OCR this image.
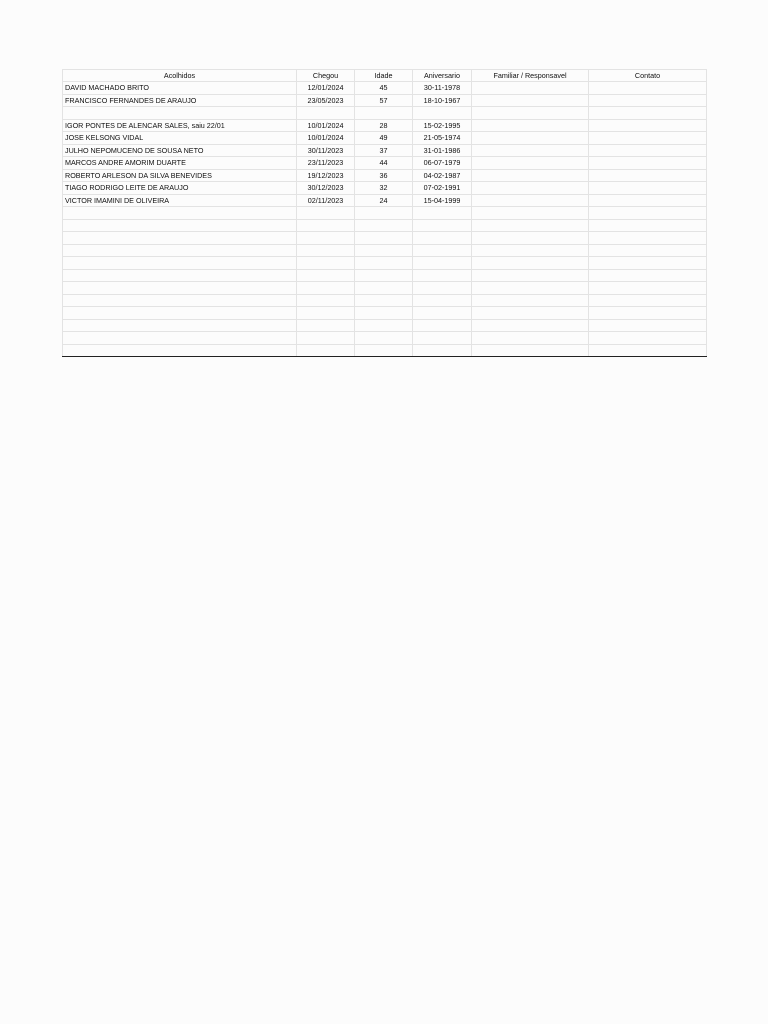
Acolhidos	Chegou	Idade	Aniversario	Familiar / Responsavel	Contato
DAVID MACHADO BRITO	12/01/2024	45	30-11-1978		
FRANCISCO FERNANDES DE ARAUJO	23/05/2023	57	18-10-1967		

IGOR PONTES DE ALENCAR SALES, saiu 22/01	10/01/2024	28	15-02-1995		
JOSE KELSONG VIDAL	10/01/2024	49	21-05-1974		
JULHO NEPOMUCENO DE SOUSA NETO	30/11/2023	37	31-01-1986		
MARCOS ANDRE AMORIM DUARTE	23/11/2023	44	06-07-1979		
ROBERTO ARLESON DA SILVA BENEVIDES	19/12/2023	36	04-02-1987		
TIAGO RODRIGO LEITE DE ARAUJO	30/12/2023	32	07-02-1991		
VICTOR IMAMINI DE OLIVEIRA	02/11/2023	24	15-04-1999		
